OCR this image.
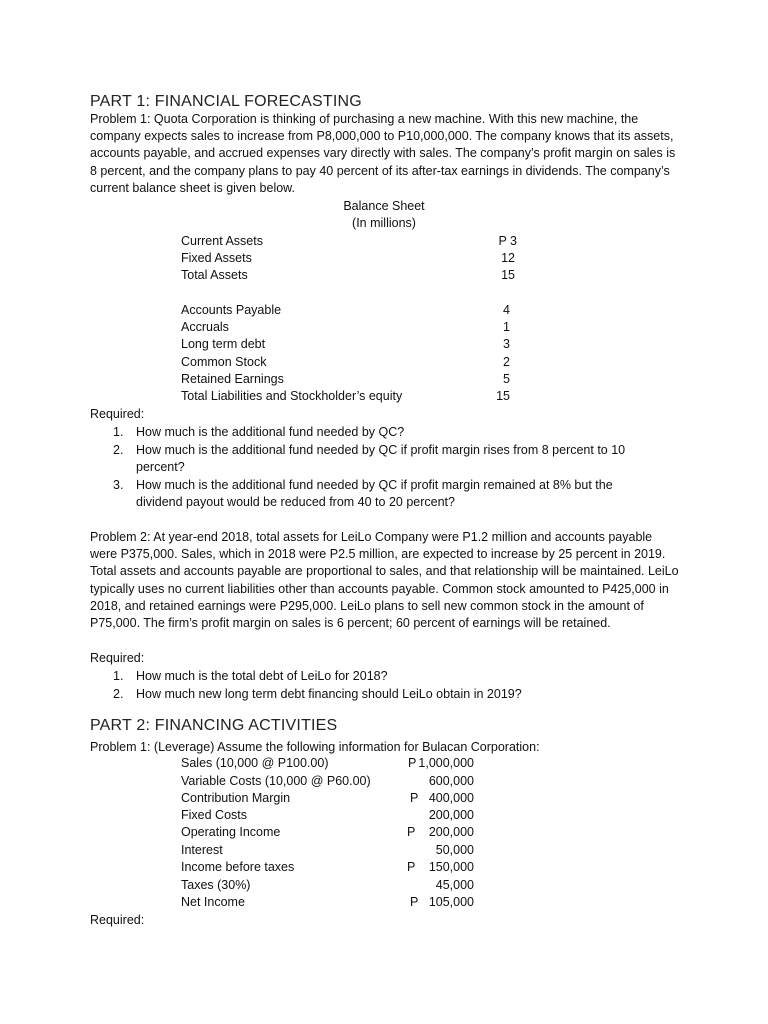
PART 1: FINANCIAL FORECASTING
Problem 1: Quota Corporation is thinking of purchasing a new machine. With this new machine, the company expects sales to increase from P8,000,000 to P10,000,000. The company knows that its assets, accounts payable, and accrued expenses vary directly with sales. The company’s profit margin on sales is 8 percent, and the company plans to pay 40 percent of its after-tax earnings in dividends. The company’s current balance sheet is given below.
Balance Sheet
(In millions)
Current Assets	P 3
Fixed Assets	12
Total Assets	15
Accounts Payable	4
Accruals	1
Long term debt	3
Common Stock	2
Retained Earnings	5
Total Liabilities and Stockholder’s equity	15
Required:
1. How much is the additional fund needed by QC?
2. How much is the additional fund needed by QC if profit margin rises from 8 percent to 10 percent?
3. How much is the additional fund needed by QC if profit margin remained at 8% but the dividend payout would be reduced from 40 to 20 percent?
Problem 2: At year-end 2018, total assets for LeiLo Company were P1.2 million and accounts payable were P375,000. Sales, which in 2018 were P2.5 million, are expected to increase by 25 percent in 2019. Total assets and accounts payable are proportional to sales, and that relationship will be maintained. LeiLo typically uses no current liabilities other than accounts payable. Common stock amounted to P425,000 in 2018, and retained earnings were P295,000. LeiLo plans to sell new common stock in the amount of P75,000. The firm’s profit margin on sales is 6 percent; 60 percent of earnings will be retained.
Required:
1. How much is the total debt of LeiLo for 2018?
2. How much new long term debt financing should LeiLo obtain in 2019?
PART 2: FINANCING ACTIVITIES
Problem 1: (Leverage) Assume the following information for Bulacan Corporation:
Sales (10,000 @ P100.00)	P 1,000,000
Variable Costs (10,000 @ P60.00)	600,000
Contribution Margin	P 400,000
Fixed Costs	200,000
Operating Income	P	200,000
Interest	50,000
Income before taxes	P	150,000
Taxes (30%)	45,000
Net Income	P 105,000
Required:
